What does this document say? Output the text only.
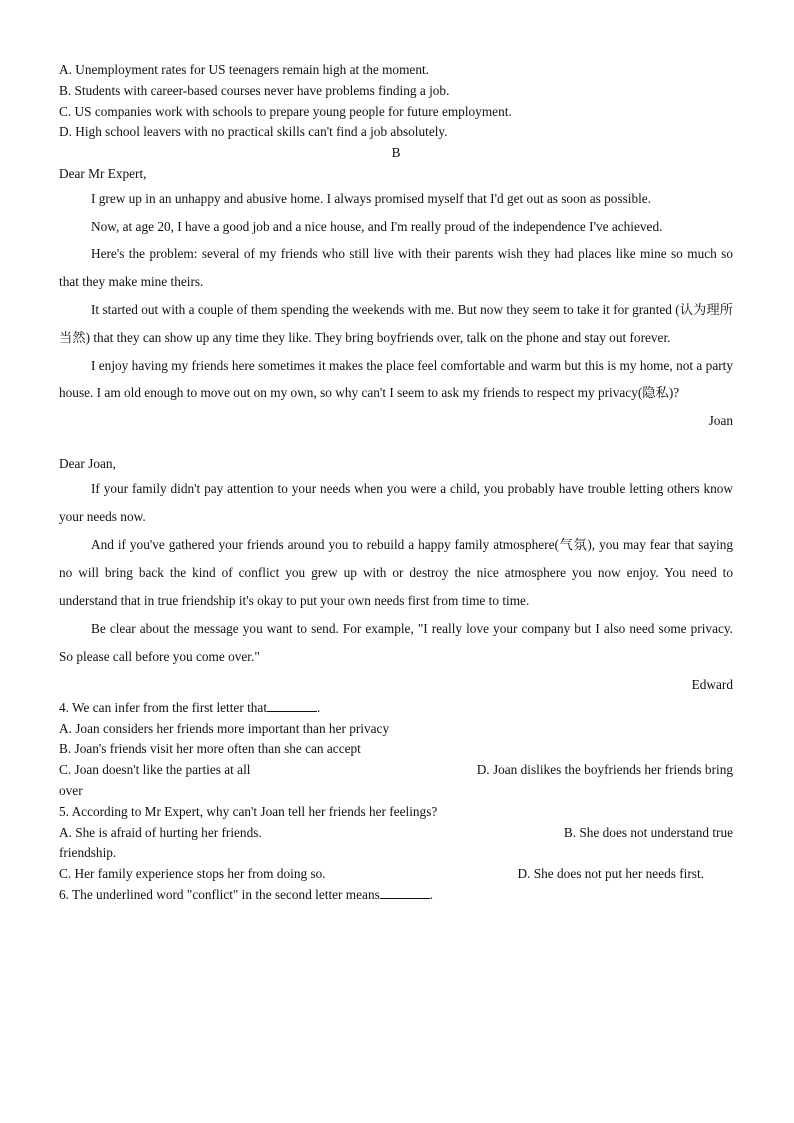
A. Unemployment rates for US teenagers remain high at the moment.
B. Students with career-based courses never have problems finding a job.
C. US companies work with schools to prepare young people for future employment.
D. High school leavers with no practical skills can't find a job absolutely.
B
Dear Mr Expert,
I grew up in an unhappy and abusive home. I always promised myself that I'd get out as soon as possible.
Now, at age 20, I have a good job and a nice house, and I'm really proud of the independence I've achieved.
Here's the problem: several of my friends who still live with their parents wish they had places like mine so much so that they make mine theirs.
It started out with a couple of them spending the weekends with me. But now they seem to take it for granted (认为理所当然) that they can show up any time they like. They bring boyfriends over, talk on the phone and stay out forever.
I enjoy having my friends here sometimes it makes the place feel comfortable and warm but this is my home, not a party house. I am old enough to move out on my own, so why can't I seem to ask my friends to respect my privacy(隐私)?
Joan
Dear Joan,
If your family didn't pay attention to your needs when you were a child, you probably have trouble letting others know your needs now.
And if you've gathered your friends around you to rebuild a happy family atmosphere(气氛), you may fear that saying no will bring back the kind of conflict you grew up with or destroy the nice atmosphere you now enjoy. You need to understand that in true friendship it's okay to put your own needs first from time to time.
Be clear about the message you want to send. For example, "I really love your company but I also need some privacy. So please call before you come over."
Edward
4. We can infer from the first letter that	.
A. Joan considers her friends more important than her privacy
B. Joan's friends visit her more often than she can accept
C. Joan doesn't like the parties at all	D. Joan dislikes the boyfriends her friends bring
over
5. According to Mr Expert, why can't Joan tell her friends her feelings?
A. She is afraid of hurting her friends.	B. She does not understand true
friendship.
C. Her family experience stops her from doing so.	D. She does not put her needs first.
6. The underlined word "conflict" in the second letter means	.
